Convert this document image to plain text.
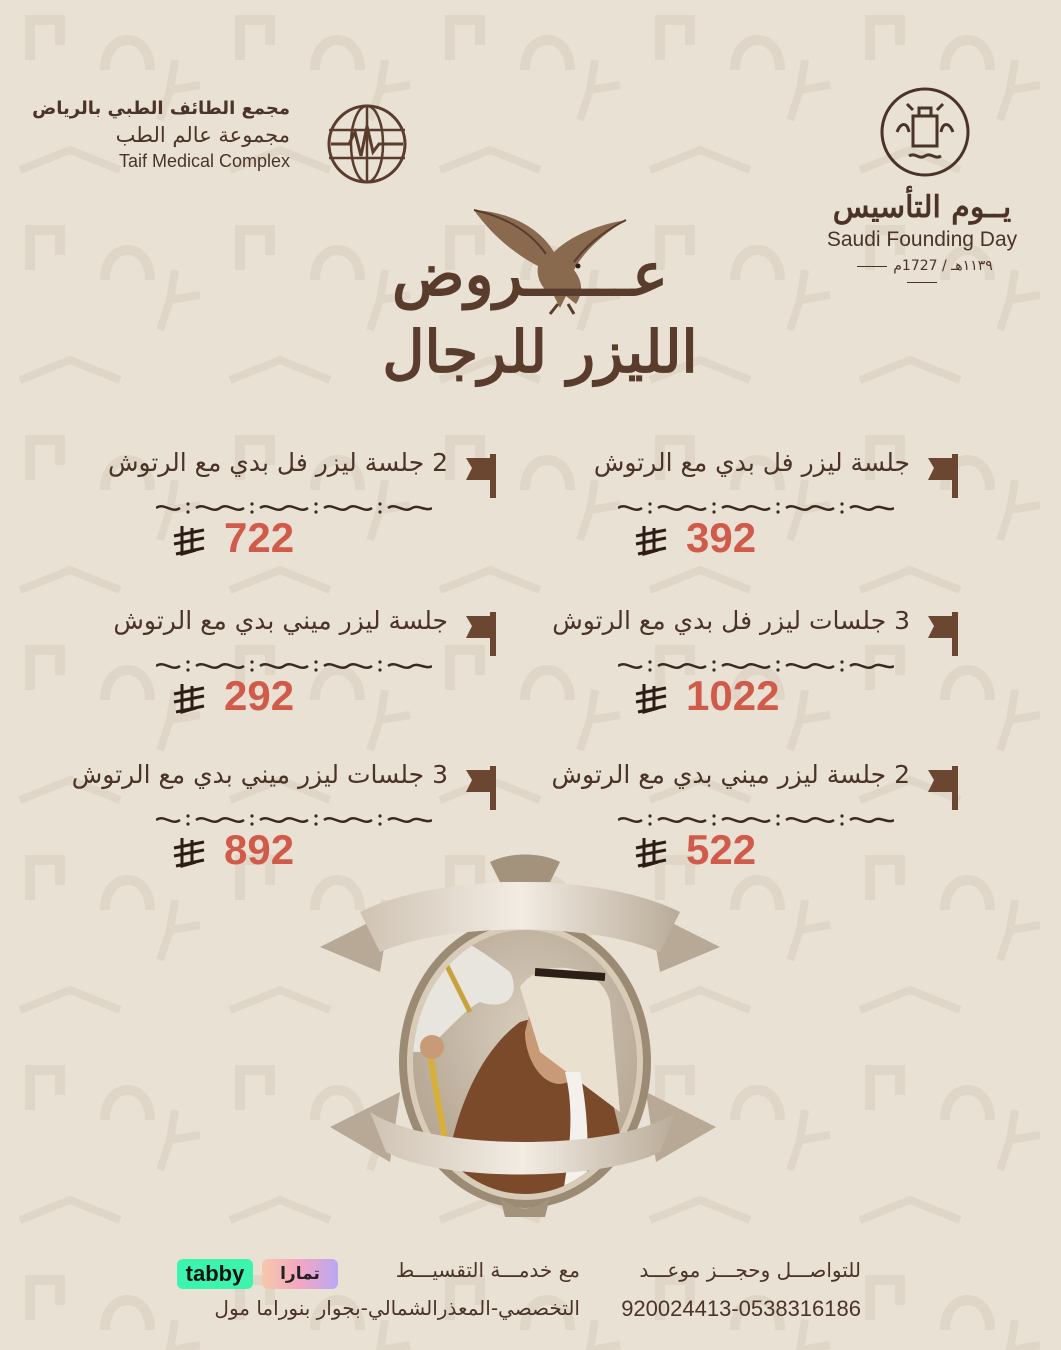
مجمع الطائف الطبي بالرياض
مجموعة عالم الطب
Taif Medical Complex
يــوم التأسيس
Saudi Founding Day
١١٣٩هـ / 1727م
عــــــروض
الليزر للرجال
جلسة ليزر فل بدي مع الرتوش
392
2 جلسة ليزر فل بدي مع الرتوش
722
3 جلسات ليزر فل بدي مع الرتوش
1022
جلسة ليزر ميني بدي مع الرتوش
292
2 جلسة ليزر ميني بدي مع الرتوش
522
3 جلسات ليزر ميني بدي مع الرتوش
892
للتواصـــل وحجـــز موعـــد
920024413-0538316186
مع خدمـــة التقسيـــط
تمارا
tabby
التخصصي-المعذرالشمالي-بجوار بنوراما مول
